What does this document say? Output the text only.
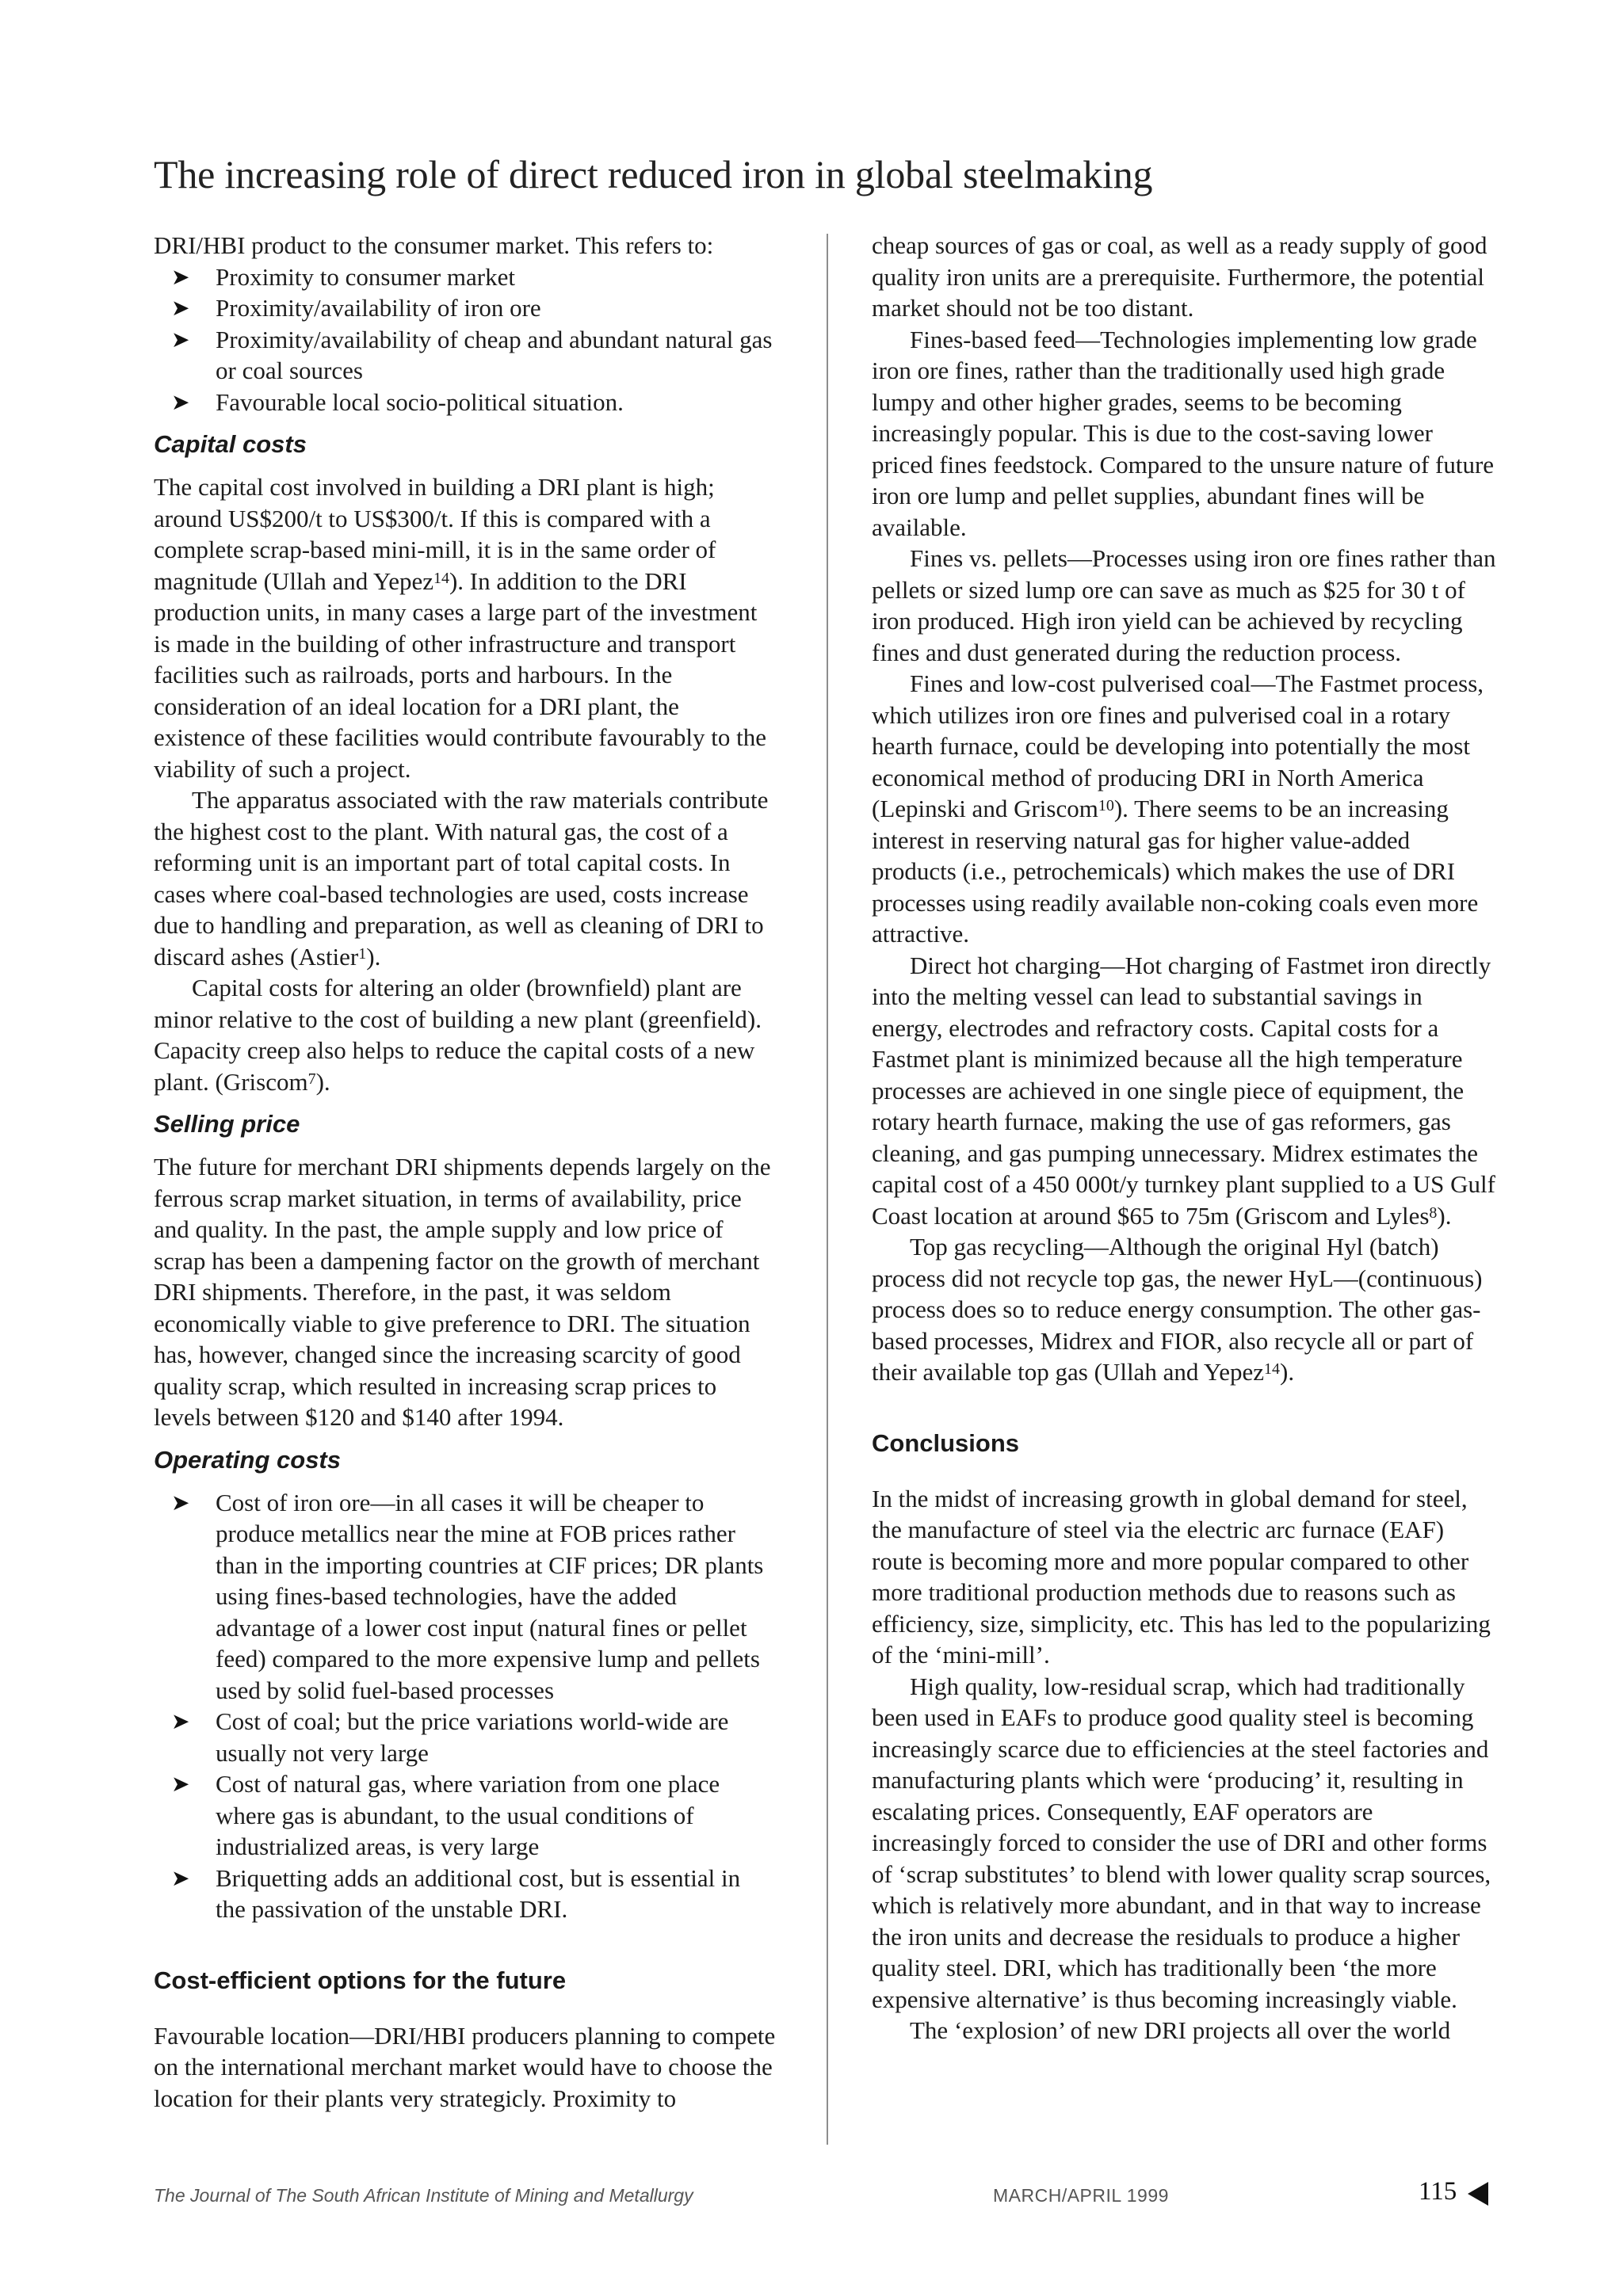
The increasing role of direct reduced iron in global steelmaking

DRI/HBI product to the consumer market. This refers to:

➤ Proximity to consumer market
➤ Proximity/availability of iron ore
➤ Proximity/availability of cheap and abundant natural gas or coal sources
➤ Favourable local socio-political situation.
Capital costs

The capital cost involved in building a DRI plant is high; around US$200/t to US$300/t. If this is compared with a complete scrap-based mini-mill, it is in the same order of magnitude (Ullah and Yepez$^{14}$). In addition to the DRI production units, in many cases a large part of the investment is made in the building of other infrastructure and transport facilities such as railroads, ports and harbours. In the consideration of an ideal location for a DRI plant, the existence of these facilities would contribute favourably to the viability of such a project.

The apparatus associated with the raw materials contribute the highest cost to the plant. With natural gas, the cost of a reforming unit is an important part of total capital costs. In cases where coal-based technologies are used, costs increase due to handling and preparation, as well as cleaning of DRI to discard ashes (Astier$^1$).

Capital costs for altering an older (brownfield) plant are minor relative to the cost of building a new plant (greenfield). Capacity creep also helps to reduce the capital costs of a new plant. (Griscom$^7$).

Selling price

The future for merchant DRI shipments depends largely on the ferrous scrap market situation, in terms of availability, price and quality. In the past, the ample supply and low price of scrap has been a dampening factor on the growth of merchant DRI shipments. Therefore, in the past, it was seldom economically viable to give preference to DRI. The situation has, however, changed since the increasing scarcity of good quality scrap, which resulted in increasing scrap prices to levels between $120 and $140 after 1994.

Operating costs
➤ Cost of iron ore—in all cases it will be cheaper to produce metallics near the mine at FOB prices rather than in the importing countries at CIF prices; DR plants using fines-based technologies, have the added advantage of a lower cost input (natural fines or pellet feed) compared to the more expensive lump and pellets used by solid fuel-based processes
➤ Cost of coal; but the price variations world-wide are usually not very large
➤ Cost of natural gas, where variation from one place where gas is abundant, to the usual conditions of industrialized areas, is very large
➤ Briquetting adds an additional cost, but is essential in the passivation of the unstable DRI.
Cost-efficient options for the future

Favourable location—DRI/HBI producers planning to compete on the international merchant market would have to choose the location for their plants very strategicly. Proximity to

cheap sources of gas or coal, as well as a ready supply of good quality iron units are a prerequisite. Furthermore, the potential market should not be too distant.

Fines-based feed—Technologies implementing low grade iron ore fines, rather than the traditionally used high grade lumpy and other higher grades, seems to be becoming increasingly popular. This is due to the cost-saving lower priced fines feedstock. Compared to the unsure nature of future iron ore lump and pellet supplies, abundant fines will be available.

Fines vs. pellets—Processes using iron ore fines rather than pellets or sized lump ore can save as much as $25 for 30 t of iron produced. High iron yield can be achieved by recycling fines and dust generated during the reduction process.

Fines and low-cost pulverised coal—The Fastmet process, which utilizes iron ore fines and pulverised coal in a rotary hearth furnace, could be developing into potentially the most economical method of producing DRI in North America (Lepinski and Griscom$^{10}$). There seems to be an increasing interest in reserving natural gas for higher value-added products (i.e., petrochemicals) which makes the use of DRI processes using readily available non-coking coals even more attractive.

Direct hot charging—Hot charging of Fastmet iron directly into the melting vessel can lead to substantial savings in energy, electrodes and refractory costs. Capital costs for a Fastmet plant is minimized because all the high temperature processes are achieved in one single piece of equipment, the rotary hearth furnace, making the use of gas reformers, gas cleaning, and gas pumping unnecessary. Midrex estimates the capital cost of a 450 000t/y turnkey plant supplied to a US Gulf Coast location at around $65 to 75m (Griscom and Lyles$^8$).

Top gas recycling—Although the original Hyl (batch) process did not recycle top gas, the newer HyL—(continuous) process does so to reduce energy consumption. The other gas-based processes, Midrex and FIOR, also recycle all or part of their available top gas (Ullah and Yepez$^{14}$).

Conclusions

In the midst of increasing growth in global demand for steel, the manufacture of steel via the electric arc furnace (EAF) route is becoming more and more popular compared to other more traditional production methods due to reasons such as efficiency, size, simplicity, etc. This has led to the popularizing of the ‘mini-mill’.

High quality, low-residual scrap, which had traditionally been used in EAFs to produce good quality steel is becoming increasingly scarce due to efficiencies at the steel factories and manufacturing plants which were ‘producing’ it, resulting in escalating prices. Consequently, EAF operators are increasingly forced to consider the use of DRI and other forms of ‘scrap substitutes’ to blend with lower quality scrap sources, which is relatively more abundant, and in that way to increase the iron units and decrease the residuals to produce a higher quality steel. DRI, which has traditionally been ‘the more expensive alternative’ is thus becoming increasingly viable.

The ‘explosion’ of new DRI projects all over the world

The Journal of The South African Institute of Mining and Metallurgy	MARCH/APRIL 1999	115
